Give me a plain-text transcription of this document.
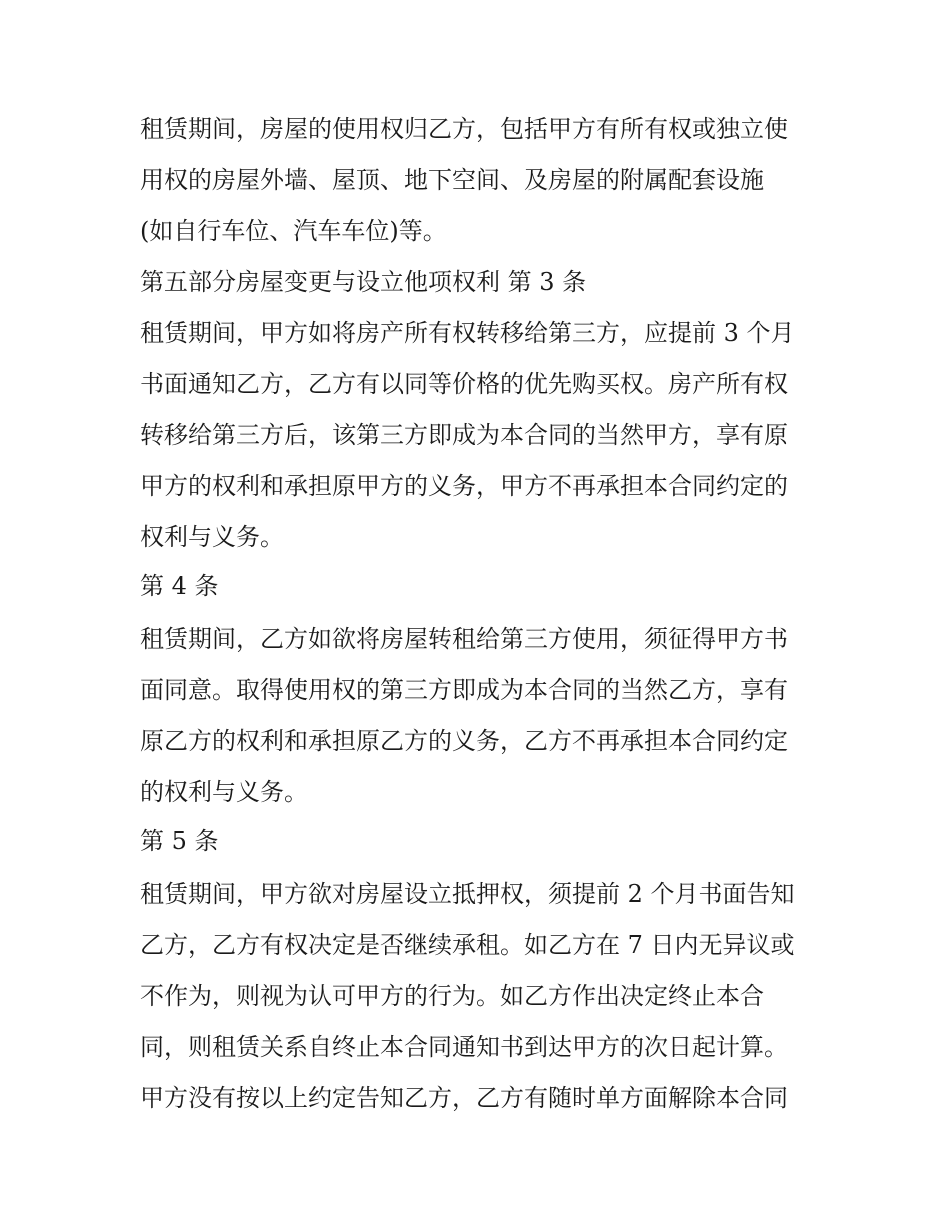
租赁期间，房屋的使用权归乙方，包括甲方有所有权或独立使
用权的房屋外墙、屋顶、地下空间、及房屋的附属配套设施
(如自行车位、汽车车位)等。
第五部分房屋变更与设立他项权利 第 3 条
租赁期间，甲方如将房产所有权转移给第三方，应提前 3 个月
书面通知乙方，乙方有以同等价格的优先购买权。房产所有权
转移给第三方后，该第三方即成为本合同的当然甲方，享有原
甲方的权利和承担原甲方的义务，甲方不再承担本合同约定的
权利与义务。
第 4 条
租赁期间，乙方如欲将房屋转租给第三方使用，须征得甲方书
面同意。取得使用权的第三方即成为本合同的当然乙方，享有
原乙方的权利和承担原乙方的义务，乙方不再承担本合同约定
的权利与义务。
第 5 条
租赁期间，甲方欲对房屋设立抵押权，须提前 2 个月书面告知
乙方，乙方有权决定是否继续承租。如乙方在 7 日内无异议或
不作为，则视为认可甲方的行为。如乙方作出决定终止本合
同，则租赁关系自终止本合同通知书到达甲方的次日起计算。
甲方没有按以上约定告知乙方，乙方有随时单方面解除本合同
